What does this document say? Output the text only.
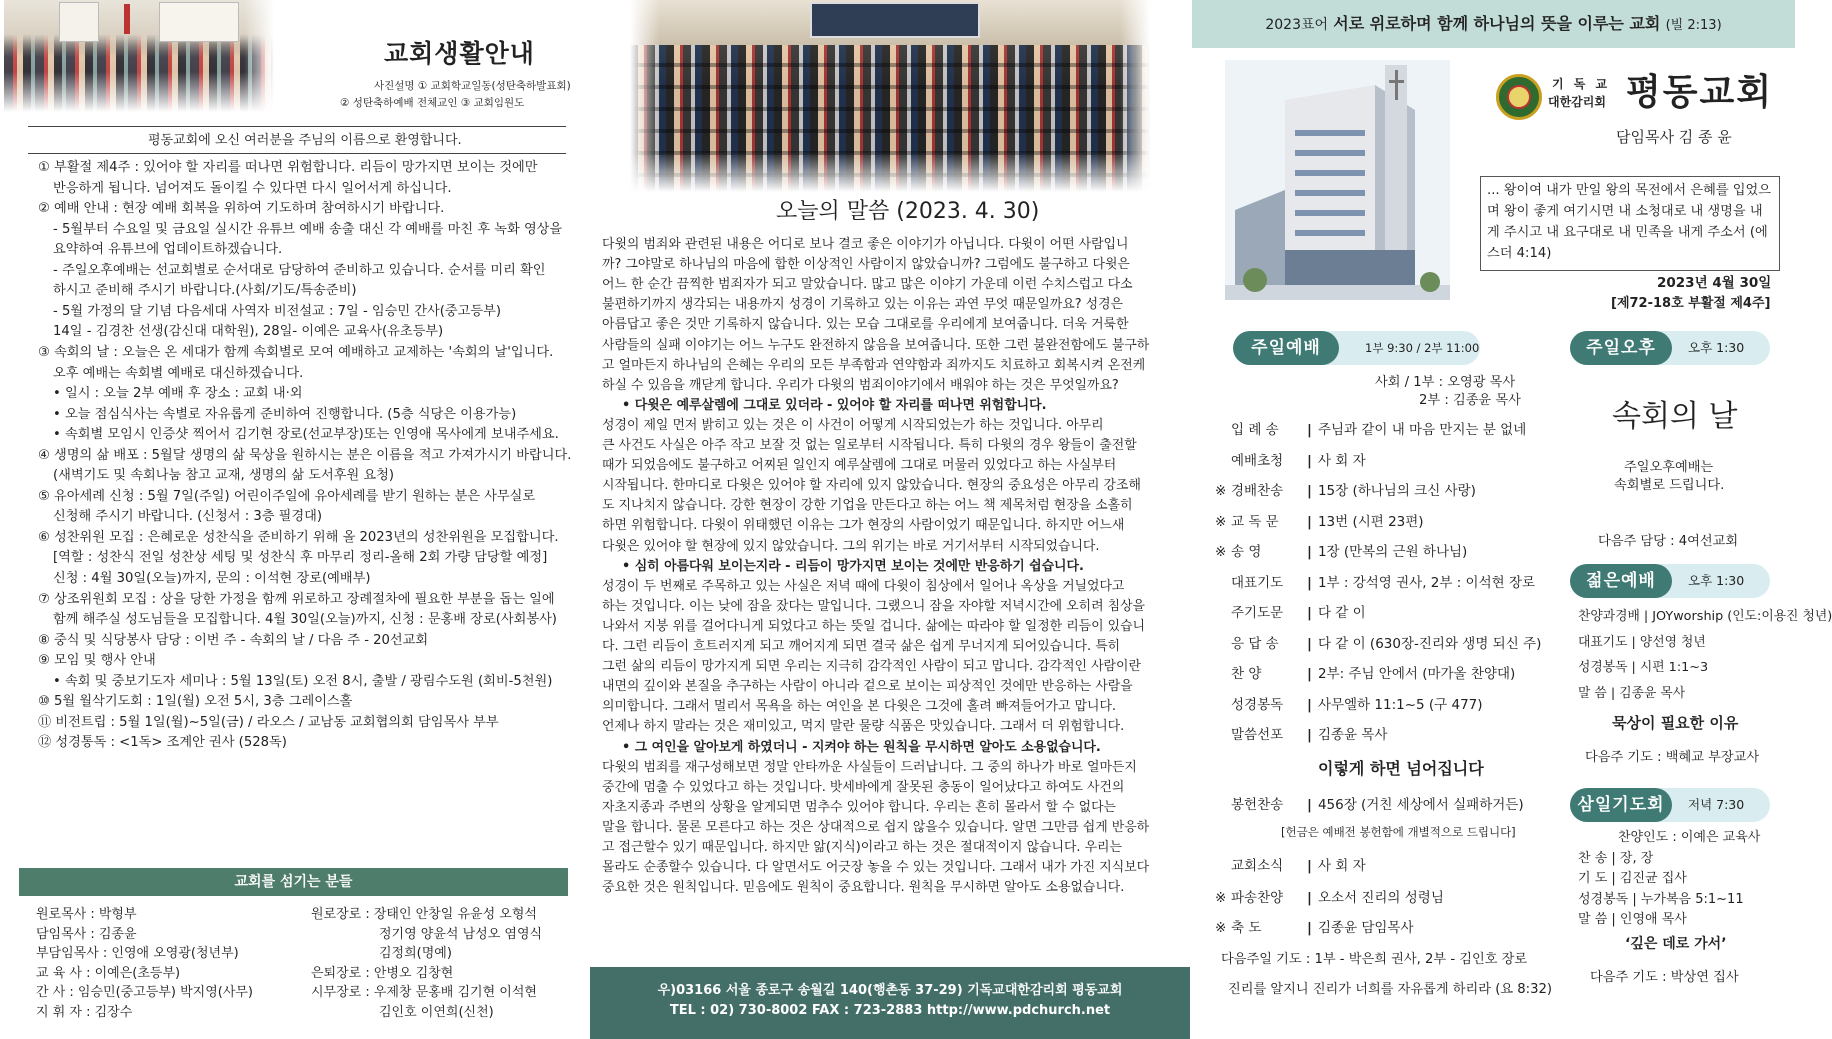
교회생활안내
사진설명 ① 교회학교일동(성탄축하발표회)
② 성탄축하예배 전체교인 ③ 교회임원도
평동교회에 오신 여러분을 주님의 이름으로 환영합니다.
① 부활절 제4주 : 있어야 할 자리를 떠나면 위험합니다. 리듬이 망가지면 보이는 것에만
반응하게 됩니다. 넘어져도 돌이킬 수 있다면 다시 일어서게 하십니다.
② 예배 안내 : 현장 예배 회복을 위하여 기도하며 참여하시기 바랍니다.
- 5월부터 수요일 및 금요일 실시간 유튜브 예배 송출 대신 각 예배를 마친 후 녹화 영상을
요약하여 유튜브에 업데이트하겠습니다.
- 주일오후예배는 선교회별로 순서대로 담당하여 준비하고 있습니다. 순서를 미리 확인
하시고 준비해 주시기 바랍니다.(사회/기도/특송준비)
- 5월 가정의 달 기념 다음세대 사역자 비전설교 : 7일 - 임승민 간사(중고등부)
14일 - 김경찬 선생(감신대 대학원), 28일- 이예은 교육사(유초등부)
③ 속회의 날 : 오늘은 온 세대가 함께 속회별로 모여 예배하고 교제하는 '속회의 날'입니다.
오후 예배는 속회별 예배로 대신하겠습니다.
• 일시 : 오늘 2부 예배 후 장소 : 교회 내·외
• 오늘 점심식사는 속별로 자유롭게 준비하여 진행합니다. (5층 식당은 이용가능)
• 속회별 모임시 인증샷 찍어서 김기현 장로(선교부장)또는 인영애 목사에게 보내주세요.
④ 생명의 삶 배포 : 5월달 생명의 삶 묵상을 원하시는 분은 이름을 적고 가져가시기 바랍니다.
(새벽기도 및 속회나눔 참고 교재, 생명의 삶 도서후원 요청)
⑤ 유아세례 신청 : 5월 7일(주일) 어린이주일에 유아세례를 받기 원하는 분은 사무실로
신청해 주시기 바랍니다. (신청서 : 3층 필경대)
⑥ 성찬위원 모집 : 은혜로운 성찬식을 준비하기 위해 올 2023년의 성찬위원을 모집합니다.
[역할 : 성찬식 전일 성찬상 세팅 및 성찬식 후 마무리 정리-올해 2회 가량 담당할 예정]
신청 : 4월 30일(오늘)까지, 문의 : 이석현 장로(예배부)
⑦ 상조위원회 모집 : 상을 당한 가정을 함께 위로하고 장례절차에 필요한 부분을 돕는 일에
함께 해주실 성도님들을 모집합니다. 4월 30일(오늘)까지, 신청 : 문홍배 장로(사회봉사)
⑧ 중식 및 식당봉사 담당 : 이번 주 - 속회의 날 / 다음 주 - 20선교회
⑨ 모임 및 행사 안내
• 속회 및 중보기도자 세미나 : 5월 13일(토) 오전 8시, 출발 / 광림수도원 (회비-5천원)
⑩ 5월 월삭기도회 : 1일(월) 오전 5시, 3층 그레이스홀
⑪ 비전트립 : 5월 1일(월)~5일(금) / 라오스 / 교남동 교회협의회 담임목사 부부
⑫ 성경통독 : <1독> 조계안 권사 (528독)
교회를 섬기는 분들
원로목사 : 박형부
담임목사 : 김종윤
부담임목사 : 인영애 오영광(청년부)
교 육 사 : 이예은(초등부)
간 사 : 임승민(중고등부) 박지영(사무)
지 휘 자 : 김장수
원로장로 : 장태인 안창일 유윤성 오형석
정기영 양윤석 남성오 염영식
김정희(명예)
은퇴장로 : 안병오 김창현
시무장로 : 우제창 문홍배 김기현 이석현
김인호 이연희(신천)
오늘의 말씀 (2023. 4. 30)
다윗의 범죄와 관련된 내용은 어디로 보나 결코 좋은 이야기가 아닙니다. 다윗이 어떤 사람입니
까? 그야말로 하나님의 마음에 합한 이상적인 사람이지 않았습니까? 그럼에도 불구하고 다윗은
어느 한 순간 끔찍한 범죄자가 되고 말았습니다. 많고 많은 이야기 가운데 이런 수치스럽고 다소
불편하기까지 생각되는 내용까지 성경이 기록하고 있는 이유는 과연 무엇 때문일까요? 성경은
아름답고 좋은 것만 기록하지 않습니다. 있는 모습 그대로를 우리에게 보여줍니다. 더욱 거룩한
사람들의 실패 이야기는 어느 누구도 완전하지 않음을 보여줍니다. 또한 그런 불완전함에도 불구하
고 얼마든지 하나님의 은혜는 우리의 모든 부족함과 연약함과 죄까지도 치료하고 회복시켜 온전케
하실 수 있음을 깨닫게 합니다. 우리가 다윗의 범죄이야기에서 배워야 하는 것은 무엇일까요?
• 다윗은 예루살렘에 그대로 있더라 - 있어야 할 자리를 떠나면 위험합니다.
성경이 제일 먼저 밝히고 있는 것은 이 사건이 어떻게 시작되었는가 하는 것입니다. 아무리
큰 사건도 사실은 아주 작고 보잘 것 없는 일로부터 시작됩니다. 특히 다윗의 경우 왕들이 출전할
때가 되었음에도 불구하고 어찌된 일인지 예루살렘에 그대로 머물러 있었다고 하는 사실부터
시작됩니다. 한마디로 다윗은 있어야 할 자리에 있지 않았습니다. 현장의 중요성은 아무리 강조해
도 지나치지 않습니다. 강한 현장이 강한 기업을 만든다고 하는 어느 책 제목처럼 현장을 소홀히
하면 위험합니다. 다윗이 위태했던 이유는 그가 현장의 사람이었기 때문입니다. 하지만 어느새
다윗은 있어야 할 현장에 있지 않았습니다. 그의 위기는 바로 거기서부터 시작되었습니다.
• 심히 아름다워 보이는지라 - 리듬이 망가지면 보이는 것에만 반응하기 쉽습니다.
성경이 두 번째로 주목하고 있는 사실은 저녁 때에 다윗이 침상에서 일어나 옥상을 거닐었다고
하는 것입니다. 이는 낮에 잠을 잤다는 말입니다. 그랬으니 잠을 자야할 저녁시간에 오히려 침상을
나와서 지붕 위를 걸어다니게 되었다고 하는 뜻일 겁니다. 삶에는 따라야 할 일정한 리듬이 있습니
다. 그런 리듬이 흐트러지게 되고 깨어지게 되면 결국 삶은 쉽게 무너지게 되어있습니다. 특히
그런 삶의 리듬이 망가지게 되면 우리는 지극히 감각적인 사람이 되고 맙니다. 감각적인 사람이란
내면의 깊이와 본질을 추구하는 사람이 아니라 겉으로 보이는 피상적인 것에만 반응하는 사람을
의미합니다. 그래서 멀리서 목욕을 하는 여인을 본 다윗은 그것에 홀려 빠져들어가고 맙니다.
언제나 하지 말라는 것은 재미있고, 먹지 말란 물량 식품은 맛있습니다. 그래서 더 위험합니다.
• 그 여인을 알아보게 하였더니 - 지켜야 하는 원칙을 무시하면 알아도 소용없습니다.
다윗의 범죄를 재구성해보면 정말 안타까운 사실들이 드러납니다. 그 중의 하나가 바로 얼마든지
중간에 멈출 수 있었다고 하는 것입니다. 밧세바에게 잘못된 충동이 일어났다고 하여도 사건의
자초지종과 주변의 상황을 알게되면 멈추수 있어야 합니다. 우리는 흔히 몰라서 할 수 없다는
말을 합니다. 물론 모른다고 하는 것은 상대적으로 쉽지 않을수 있습니다. 알면 그만큼 쉽게 반응하
고 접근할수 있기 때문입니다. 하지만 앎(지식)이라고 하는 것은 절대적이지 않습니다. 우리는
몰라도 순종할수 있습니다. 다 알면서도 어긋장 놓을 수 있는 것입니다. 그래서 내가 가진 지식보다
중요한 것은 원칙입니다. 믿음에도 원칙이 중요합니다. 원칙을 무시하면 알아도 소용없습니다.
우)03166 서울 종로구 송월길 140(행촌동 37-29) 기독교대한감리회 평동교회
TEL : 02) 730-8002 FAX : 723-2883 http://www.pdchurch.net
2023표어 서로 위로하며 함께 하나님의 뜻을 이루는 교회 (빌 2:13)
기 독 교
대한감리회 평동교회
담임목사 김 종 윤
... 왕이여 내가 만일 왕의 목전에서 은혜를 입었으며 왕이 좋게 여기시면 내 소청대로 내 생명을 내게 주시고 내 요구대로 내 민족을 내게 주소서 (에스더 4:14)
2023년 4월 30일
[제72-18호 부활절 제4주]
주일예배	1부 9:30 / 2부 11:00
사회 / 1부 : 오영광 목사
2부 : 김종윤 목사
입 례 송 | 주님과 같이 내 마음 만지는 분 없네
예배초청 | 사 회 자
※ 경배찬송 | 15장 (하나님의 크신 사랑)
※ 교 독 문 | 13번 (시편 23편)
※ 송 영	| 1장 (만복의 근원 하나님)
대표기도 | 1부 : 강석영 권사, 2부 : 이석현 장로
주기도문 | 다 같 이
응 답 송 | 다 같 이 (630장-진리와 생명 되신 주)
찬 양	| 2부: 주님 안에서 (마가올 찬양대)
성경봉독 | 사무엘하 11:1~5 (구 477)
말씀선포 | 김종윤 목사
이렇게 하면 넘어집니다
봉헌찬송 | 456장 (거친 세상에서 실패하거든)
[헌금은 예배전 봉헌함에 개별적으로 드립니다]
교회소식 | 사 회 자
※ 파송찬양 | 오소서 진리의 성령님
※ 축 도	| 김종윤 담임목사
다음주일 기도 : 1부 - 박은희 권사, 2부 - 김인호 장로
진리를 알지니 진리가 너희를 자유롭게 하리라 (요 8:32)
주일오후	오후 1:30
속회의 날
주일오후예배는
속회별로 드립니다.
다음주 담당 : 4여선교회
젊은예배	오후 1:30
찬양과경배 | JOYworship (인도:이용진 청년)
대표기도 | 양선영 청년
성경봉독 | 시편 1:1~3
말 씀 | 김종윤 목사
묵상이 필요한 이유
다음주 기도 : 백혜교 부장교사
삼일기도회	저녁 7:30
찬양인도 : 이예은 교육사
찬 송 | 장, 장
기 도 | 김진균 집사
성경봉독 | 누가복음 5:1~11
말 씀 | 인영애 목사
‘깊은 데로 가서’
다음주 기도 : 박상연 집사
